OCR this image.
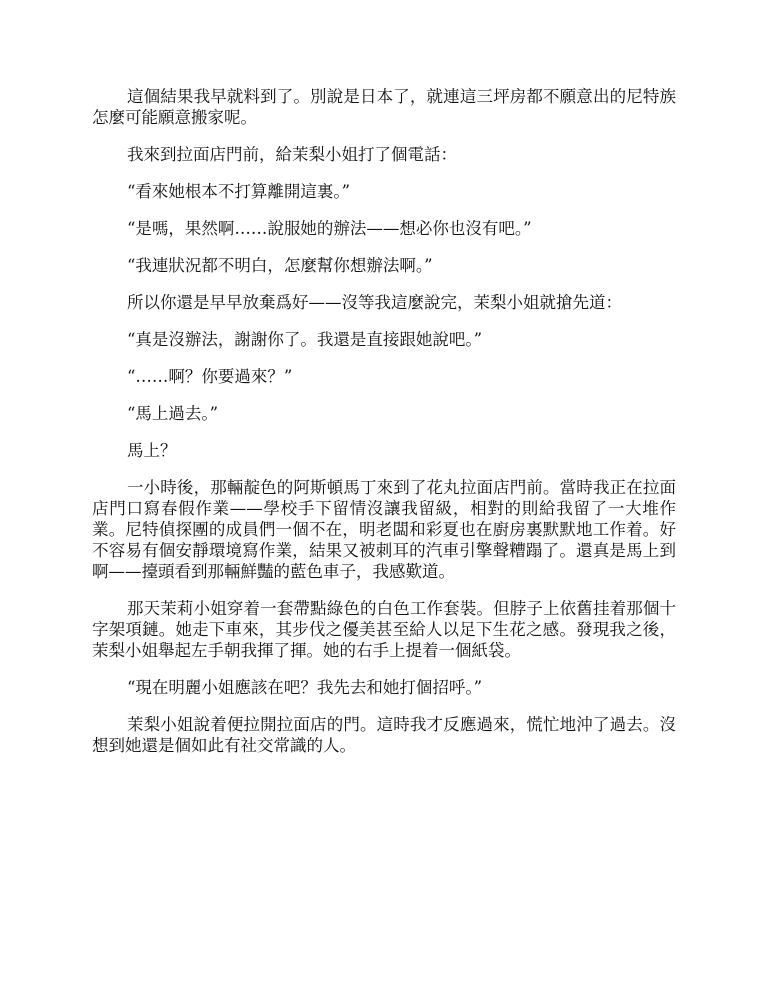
這個結果我早就料到了。別說是日本了，就連這三坪房都不願意出的尼特族怎麼可能願意搬家呢。

我來到拉面店門前，給茉梨小姐打了個電話：

“看來她根本不打算離開這裏。”

“是嗎，果然啊……說服她的辦法——想必你也沒有吧。”

“我連狀況都不明白，怎麼幫你想辦法啊。”

所以你還是早早放棄爲好——沒等我這麼說完，茉梨小姐就搶先道：

“真是沒辦法，謝謝你了。我還是直接跟她說吧。”

“……啊？你要過來？”

“馬上過去。”

馬上？

一小時後，那輛靛色的阿斯頓馬丁來到了花丸拉面店門前。當時我正在拉面店門口寫春假作業——學校手下留情沒讓我留級，相對的則給我留了一大堆作業。尼特偵探團的成員們一個不在，明老闆和彩夏也在廚房裏默默地工作着。好不容易有個安靜環境寫作業，結果又被刺耳的汽車引擎聲糟蹋了。還真是馬上到啊——擡頭看到那輛鮮豔的藍色車子，我感歎道。

那天茉莉小姐穿着一套帶點綠色的白色工作套裝。但脖子上依舊挂着那個十字架項鏈。她走下車來，其步伐之優美甚至給人以足下生花之感。發現我之後，茉梨小姐舉起左手朝我揮了揮。她的右手上提着一個紙袋。

“現在明麗小姐應該在吧？我先去和她打個招呼。”

茉梨小姐說着便拉開拉面店的門。這時我才反應過來，慌忙地沖了過去。沒想到她還是個如此有社交常識的人。
